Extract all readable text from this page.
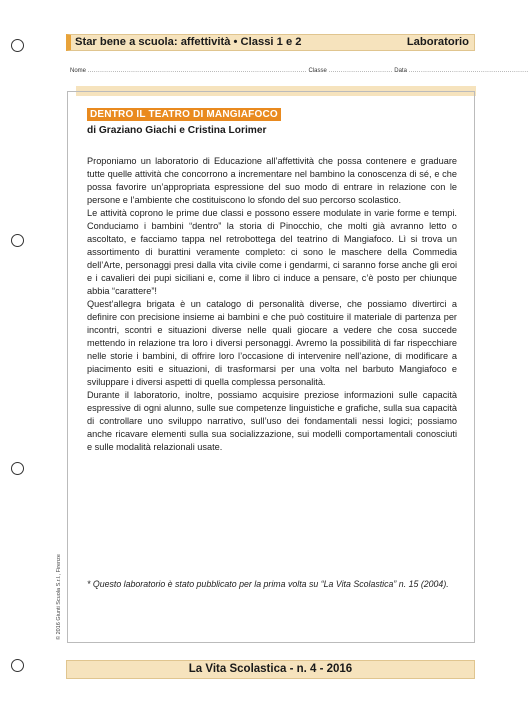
Star bene a scuola: affettività • Classi 1 e 2	Laboratorio
Nome .......................................................................................................... Classe ............................... Data ..........................................................
DENTRO IL TEATRO DI MANGIAFOCO
di Graziano Giachi e Cristina Lorimer

Proponiamo un laboratorio di Educazione all’affettività che possa contenere e graduare tutte quelle attività che concorrono a incrementare nel bambino la conoscenza di sé, e che possa favorire un’appropriata espressione del suo modo di entrare in relazione con le persone e l’ambiente che costituiscono lo sfondo del suo percorso scolastico.

Le attività coprono le prime due classi e possono essere modulate in varie forme e tempi. Conduciamo i bambini “dentro” la storia di Pinocchio, che molti già avranno letto o ascoltato, e facciamo tappa nel retrobottega del teatrino di Mangiafoco. Lì si trova un assortimento di burattini veramente completo: ci sono le maschere della Commedia dell’Arte, personaggi presi dalla vita civile come i gendarmi, ci saranno forse anche gli eroi e i cavalieri dei pupi siciliani e, come il libro ci induce a pensare, c’è posto per chiunque abbia “carattere”!

Quest’allegra brigata è un catalogo di personalità diverse, che possiamo divertirci a definire con precisione insieme ai bambini e che può costituire il materiale di partenza per incontri, scontri e situazioni diverse nelle quali giocare a vedere che cosa succede mettendo in relazione tra loro i diversi personaggi. Avremo la possibilità di far rispecchiare nelle storie i bambini, di offrire loro l’occasione di intervenire nell’azione, di modificare a piacimento esiti e situazioni, di trasformarsi per una volta nel barbuto Mangiafoco e sviluppare i diversi aspetti di quella complessa personalità.

Durante il laboratorio, inoltre, possiamo acquisire preziose informazioni sulle capacità espressive di ogni alunno, sulle sue competenze linguistiche e grafiche, sulla sua capacità di controllare uno sviluppo narrativo, sull’uso dei fondamentali nessi logici; possiamo anche ricavare elementi sulla sua socializzazione, sui modelli comportamentali conosciuti e sulle modalità relazionali usate.

* Questo laboratorio è stato pubblicato per la prima volta su “La Vita Scolastica” n. 15 (2004).
© 2016 Giunti Scuola S.r.l., Firenze
La Vita Scolastica - n. 4 - 2016
